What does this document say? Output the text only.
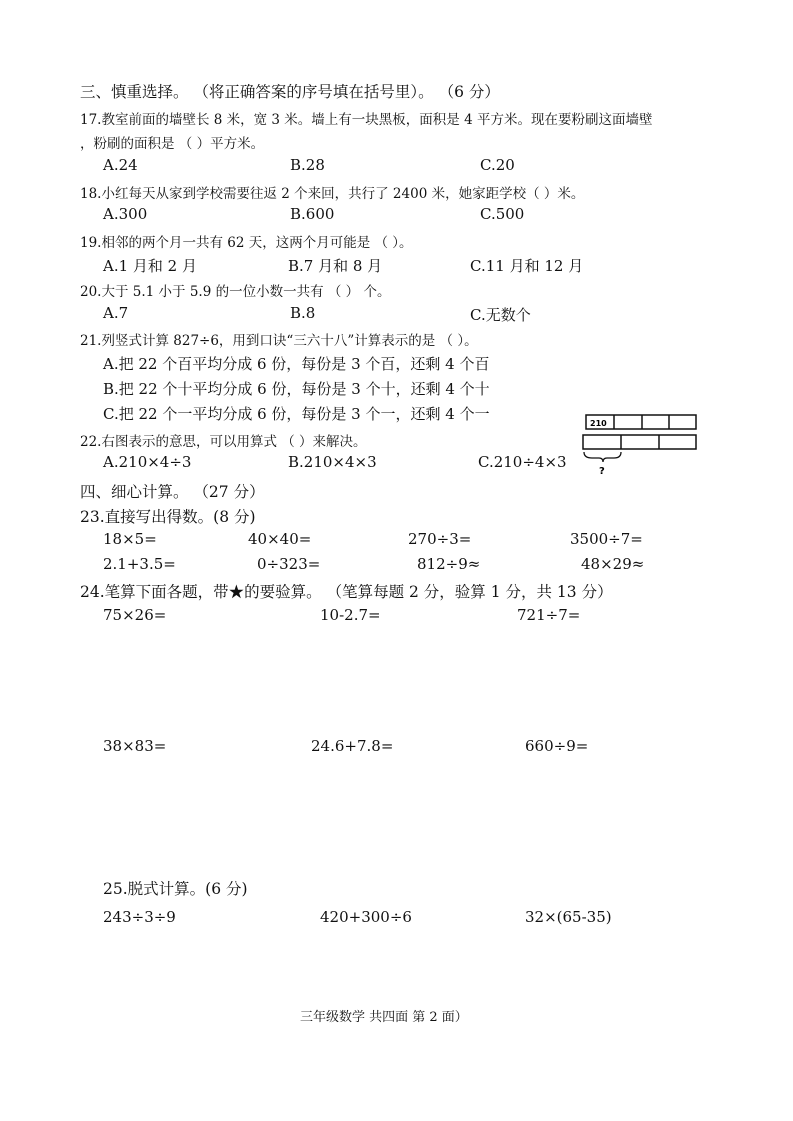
三、慎重选择。 （将正确答案的序号填在括号里）。 （6 分）
17.教室前面的墙壁长 8 米，宽 3 米。墙上有一块黑板，面积是 4 平方米。现在要粉刷这面墙壁
，粉刷的面积是 （ ）平方米。
A.24	B.28	C.20
18.小红每天从家到学校需要往返 2 个来回，共行了 2400 米，她家距学校（ ）米。
A.300	B.600	C.500
19.相邻的两个月一共有 62 天，这两个月可能是 （ ）。
A.1 月和 2 月	B.7 月和 8 月	C.11 月和 12 月
20.大于 5.1 小于 5.9 的一位小数一共有 （ ） 个。
A.7	B.8	C.无数个
21.列竖式计算 827÷6，用到口诀“三六十八”计算表示的是 （ ）。
A.把 22 个百平均分成 6 份，每份是 3 个百，还剩 4 个百
B.把 22 个十平均分成 6 份，每份是 3 个十，还剩 4 个十
C.把 22 个一平均分成 6 份，每份是 3 个一，还剩 4 个一
22.右图表示的意思，可以用算式 （ ）来解决。
A.210×4÷3	B.210×4×3	C.210÷4×3
210
?
四、细心计算。 （27 分）
23.直接写出得数。(8 分)
18×5=	40×40=	270÷3=	3500÷7=
2.1+3.5=	0÷323=	812÷9≈	48×29≈
24.笔算下面各题，带★的要验算。 （笔算每题 2 分，验算 1 分，共 13 分）
75×26=	10-2.7=	721÷7=
38×83=	24.6+7.8=	660÷9=
25.脱式计算。(6 分)
243÷3÷9	420+300÷6	32×(65-35)
三年级数学 共四面 第 2 面）
